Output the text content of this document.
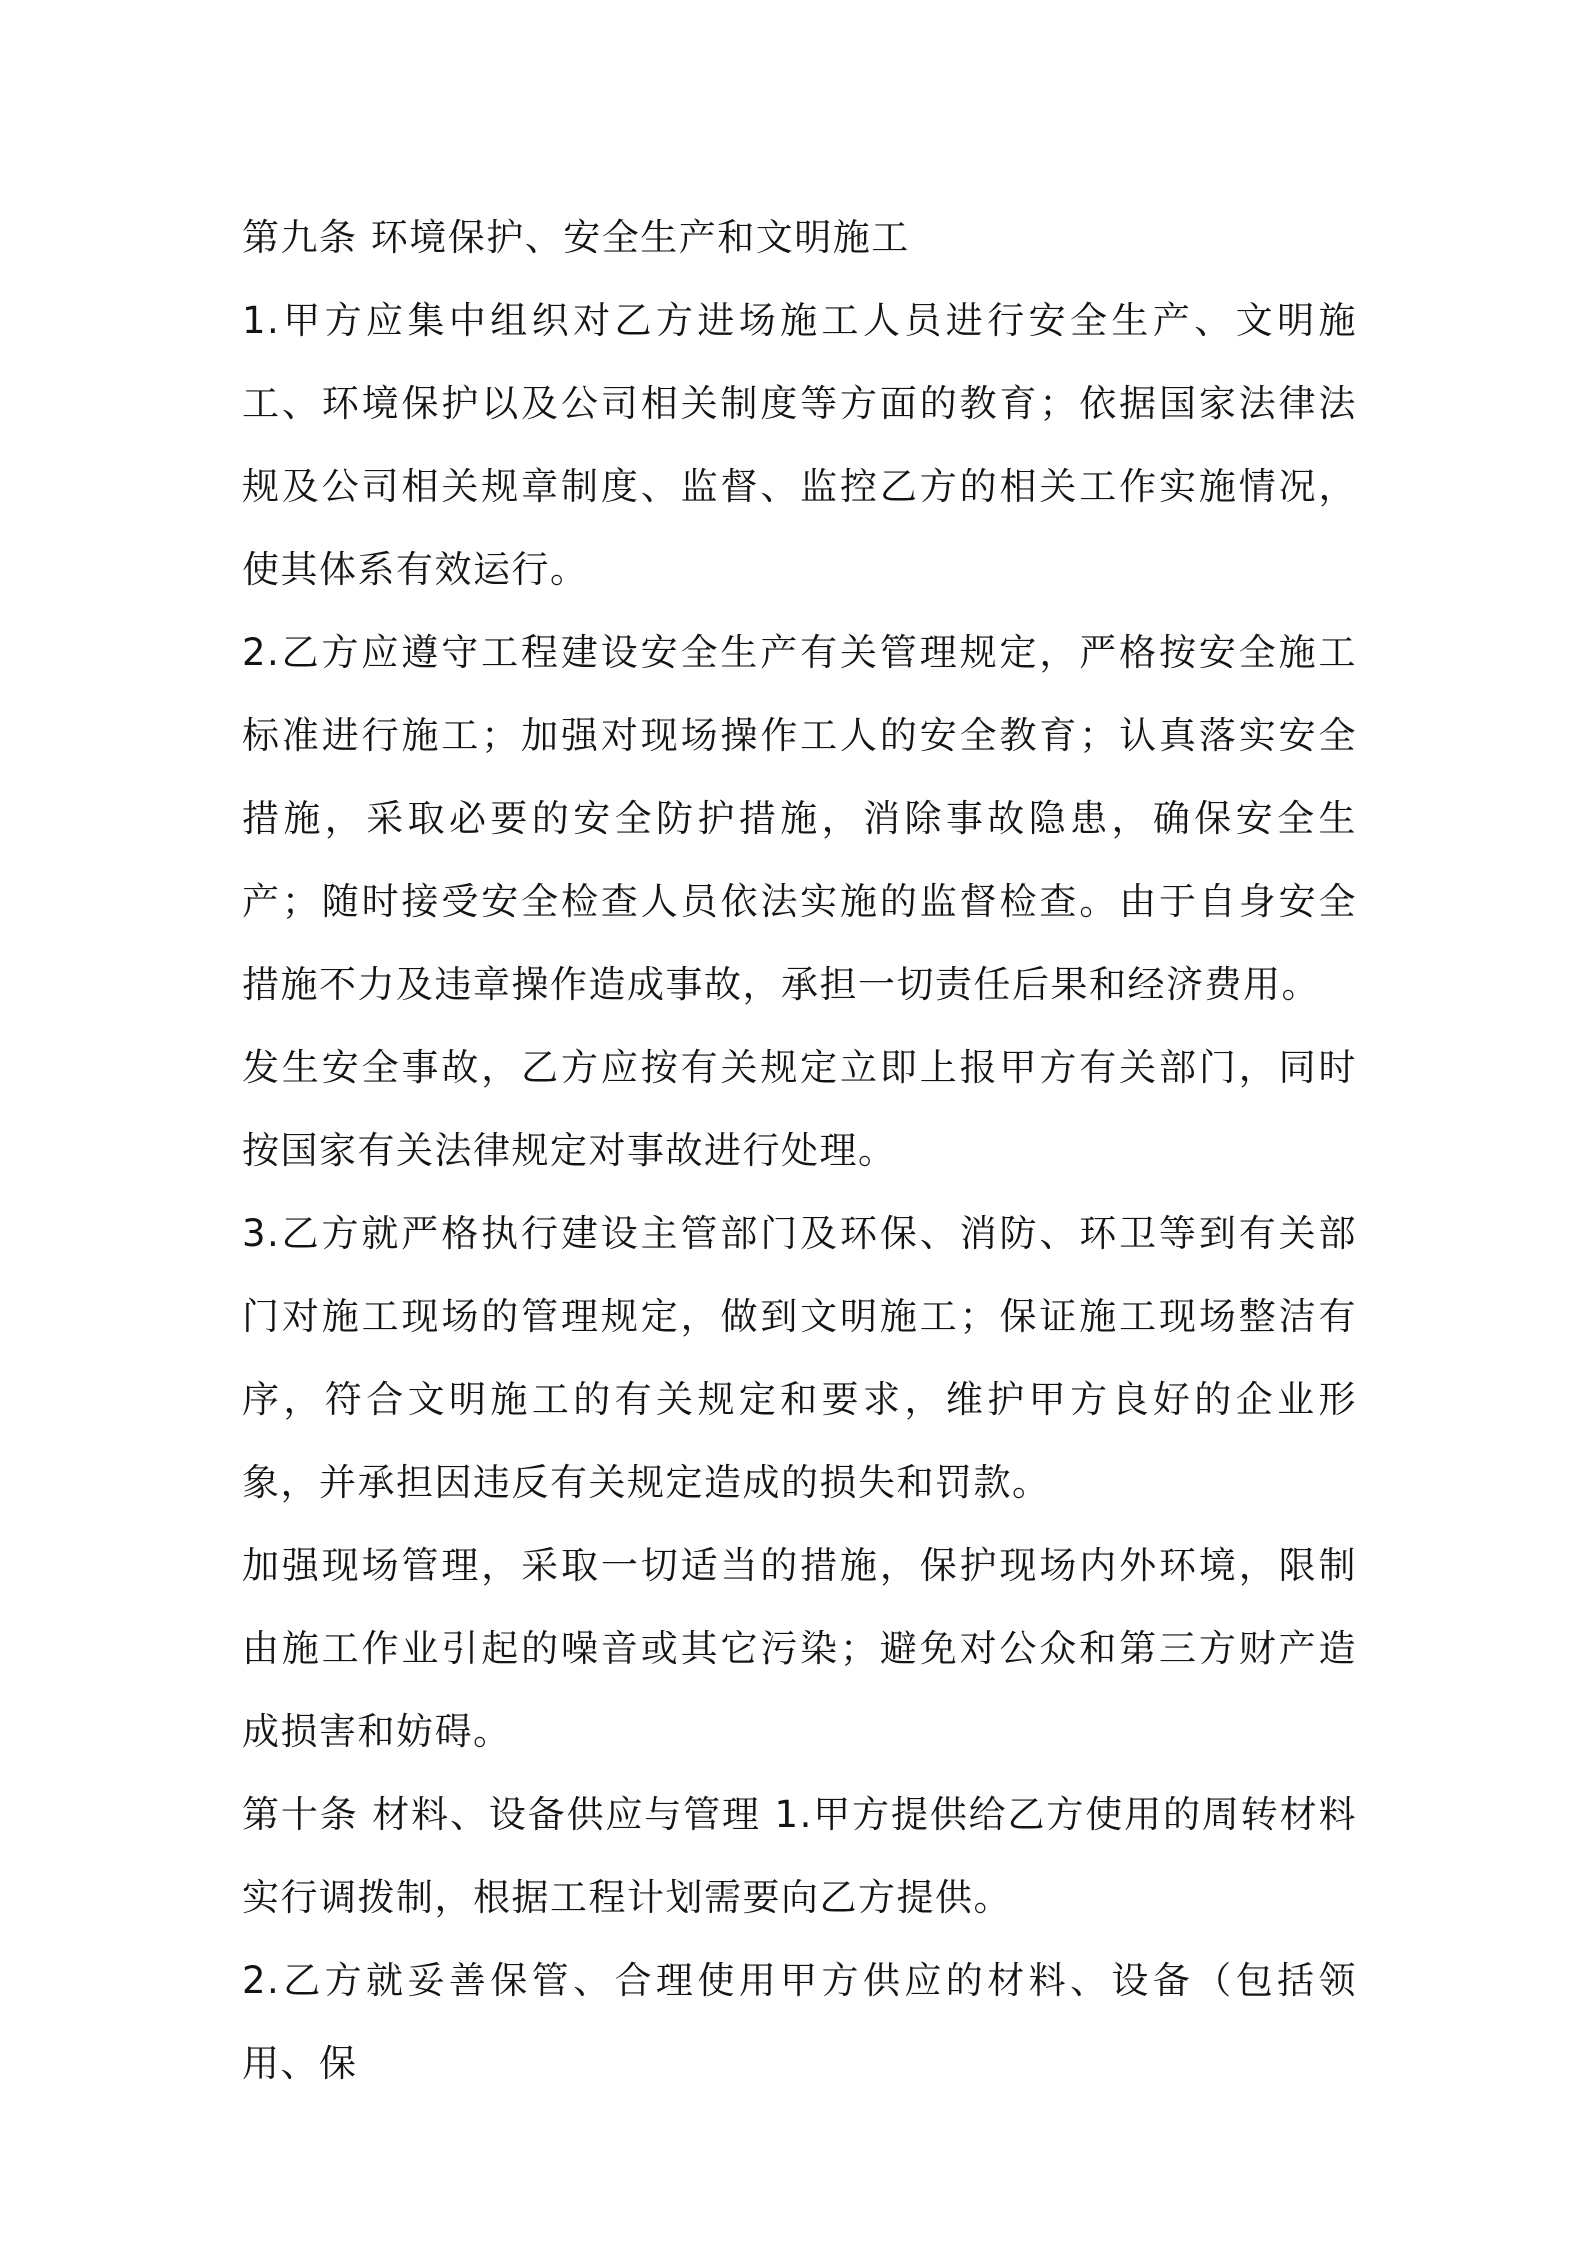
第九条 环境保护、安全生产和文明施工

1.甲方应集中组织对乙方进场施工人员进行安全生产、文明施工、环境保护以及公司相关制度等方面的教育；依据国家法律法规及公司相关规章制度、监督、监控乙方的相关工作实施情况，使其体系有效运行。

2.乙方应遵守工程建设安全生产有关管理规定，严格按安全施工标准进行施工；加强对现场操作工人的安全教育；认真落实安全措施，采取必要的安全防护措施，消除事故隐患，确保安全生产；随时接受安全检查人员依法实施的监督检查。由于自身安全措施不力及违章操作造成事故，承担一切责任后果和经济费用。

发生安全事故，乙方应按有关规定立即上报甲方有关部门，同时按国家有关法律规定对事故进行处理。

3.乙方就严格执行建设主管部门及环保、消防、环卫等到有关部门对施工现场的管理规定，做到文明施工；保证施工现场整洁有序，符合文明施工的有关规定和要求，维护甲方良好的企业形象，并承担因违反有关规定造成的损失和罚款。

加强现场管理，采取一切适当的措施，保护现场内外环境，限制由施工作业引起的噪音或其它污染；避免对公众和第三方财产造成损害和妨碍。

第十条 材料、设备供应与管理 1.甲方提供给乙方使用的周转材料实行调拨制，根据工程计划需要向乙方提供。

2.乙方就妥善保管、合理使用甲方供应的材料、设备（包括领用、保
